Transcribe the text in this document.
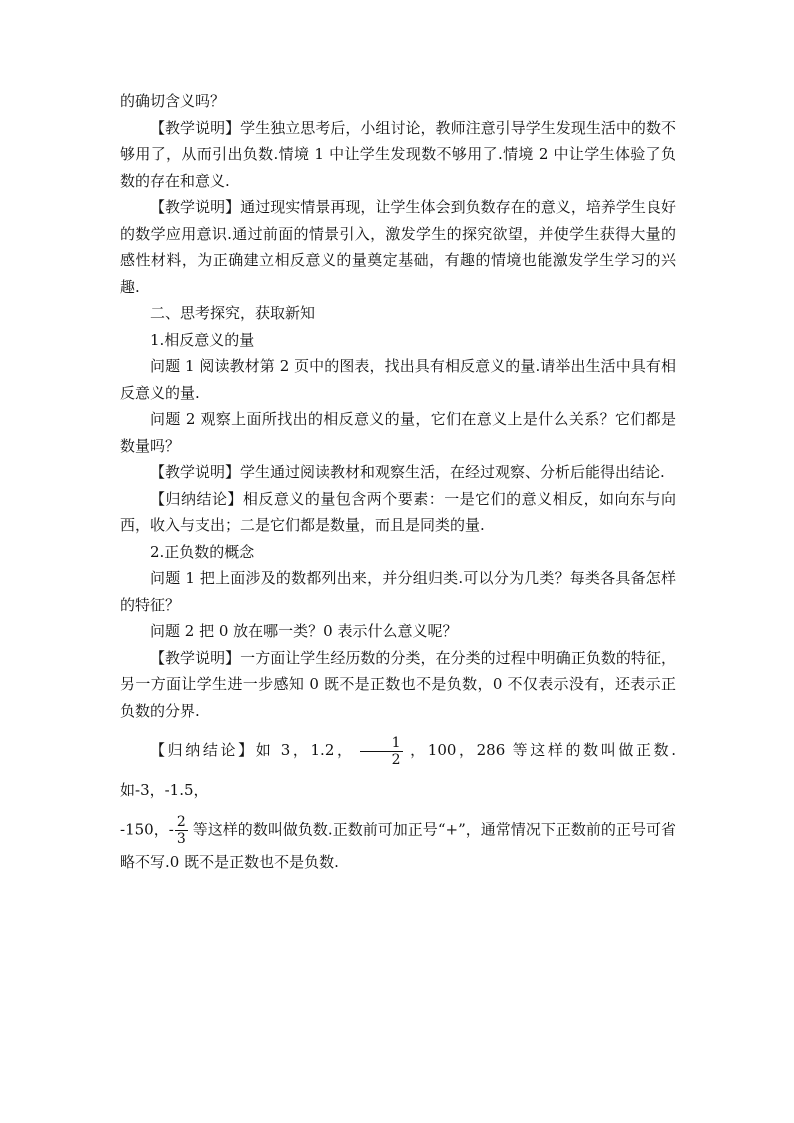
的确切含义吗？

【教学说明】学生独立思考后，小组讨论，教师注意引导学生发现生活中的数不够用了，从而引出负数.情境 1 中让学生发现数不够用了.情境 2 中让学生体验了负数的存在和意义.

【教学说明】通过现实情景再现，让学生体会到负数存在的意义，培养学生良好的数学应用意识.通过前面的情景引入，激发学生的探究欲望，并使学生获得大量的感性材料，为正确建立相反意义的量奠定基础，有趣的情境也能激发学生学习的兴趣.

二、思考探究，获取新知

1.相反意义的量

问题 1 阅读教材第 2 页中的图表，找出具有相反意义的量.请举出生活中具有相反意义的量.

问题 2 观察上面所找出的相反意义的量，它们在意义上是什么关系？它们都是数量吗？

【教学说明】学生通过阅读教材和观察生活，在经过观察、分析后能得出结论.

【归纳结论】相反意义的量包含两个要素：一是它们的意义相反，如向东与向西，收入与支出；二是它们都是数量，而且是同类的量.

2.正负数的概念

问题 1 把上面涉及的数都列出来，并分组归类.可以分为几类？每类各具备怎样的特征？

问题 2 把 0 放在哪一类？0 表示什么意义呢？

【教学说明】一方面让学生经历数的分类，在分类的过程中明确正负数的特征，另一方面让学生进一步感知 0 既不是正数也不是负数，0 不仅表示没有，还表示正负数的分界.

【归纳结论】如 3，1.2， $\frac{1}{2}$ ，100，286 等这样的数叫做正数.如-3，-1.5，

-150，- $\frac{2}{3}$ 等这样的数叫做负数.正数前可加正号“+”，通常情况下正数前的正号可省略不写.0 既不是正数也不是负数.
